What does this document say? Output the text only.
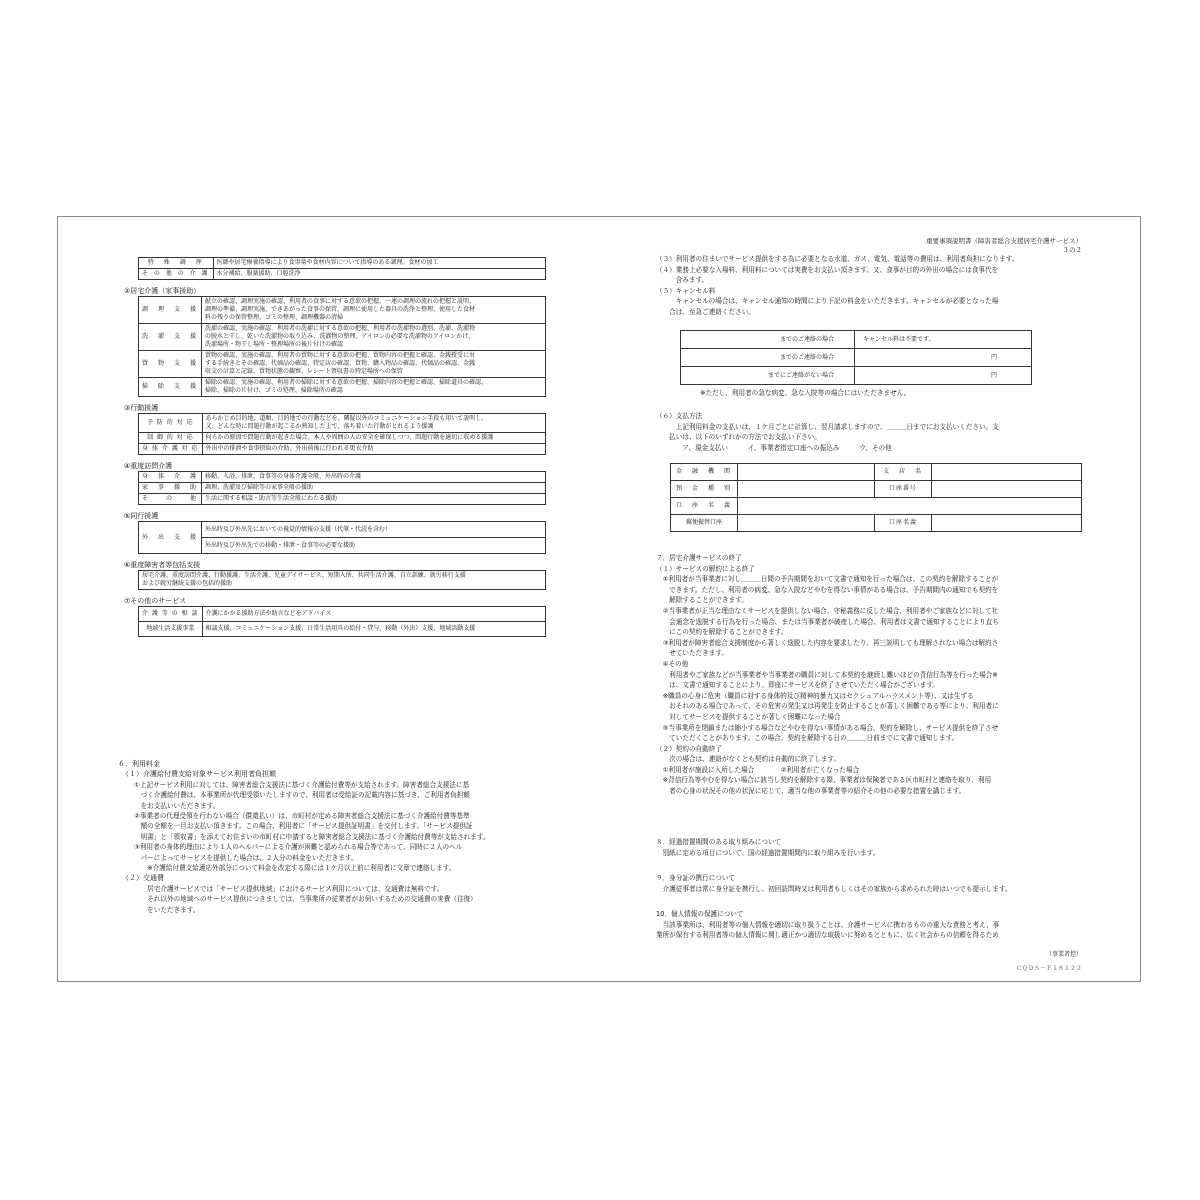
重要事項説明書（障害者総合支援居宅介護サービス）
３の２
特　殊　調　理	医師や居宅療養指導により食事量や食材内容について指導のある調理。食材の加工
そ の 他 の 介 護	水分補給、服薬援助、口腔洗浄
②居宅介護（家事援助）
調　理　支　援	献立の確認、調理実施の確認、利用者の食事に対する意欲の把握、一連の調理の流れの把握と説明、
調理の準備、調理実施、できあがった食事の保管、調理に使用した器具の洗浄と整理、使用した食材
料の残りの保管整理、ゴミの整理、調理機器の清掃

洗　濯　支　援	洗濯の確認、実施の確認、利用者の洗濯に対する意欲の把握、利用者の洗濯物の選別、洗濯、洗濯物
の脱水と干し、乾いた洗濯物の取り込み、洗濯物の整理、アイロンの必要な洗濯物のアイロンかけ、
洗濯場所・物干し場所・整理場所の後片付けの確認

買　物　支　援	買物の確認、実施の確認、利用者の買物に対する意欲の把握、買物内容の把握と確認、金銭授受に対
する手続きとその確認、代価品の確認、特定店の確認、買物、購入物品の確認、代価品の確認、金銭
収支の計算と記録、買物状態の観察、レシート領収書の特定場所への保管

掃　除　支　援	掃除の確認、実施の確認、利用者の掃除に対する意欲の把握、掃除内容の把握と確認、掃除道具の確認、
掃除、掃除の片付け、ゴミの処理、掃除場所の確認
③行動援護
予 防 的 対 応	あらかじめ目的地、道順、目的地での行動などを、隣疑以外のコミュニケーション手段も用いて説明し、
又、どんな時に問題行動が起こるか熟知した上で、落ち着いた行動がとれるよう援護

制 御 的 対 応	何らかの原因で問題行動が起きた場合、本人や周囲の人の安全を確保しつつ、問題行動を適切に収める援護
身 体 介 護 対 応	外出中の排泄や食事摂取の介助、外出前後に行われる更衣介助
④重度訪問介護
身　体　介　護	移動、入浴、排泄、食事等の身体介護全般、外出時の介護
家　事　援　助	調理、洗濯及び掃除等の家事全般の援助
そ　　の　　他	生活に関する相談・助言等生活全般にわたる援助
⑤同行援護
外　出　支　援	外出時及び外出先においての視覚的情報の支援（代筆・代読を含む）
外出時及び外出先での移動・排泄・食事等の必要な援助
⑥重度障害者等包括支援
居宅介護、重度訪問介護、行動援護、生活介護、児童デイサービス、短期入所、共同生活介護、自立訓練、就労移行支援
および就労継続支援の包括的援助
⑦その他のサービス
介 護 等 の 相 談	介護にかかる援助方法や助言などをアドバイス
地域生活支援事業	相談支援、コミュニケーション支援、日常生活用具の給付・貸与、移動（外出）支援、地域活動支援
６．利用料金
（１）介護給付費支給対象サービス利用者負担額
①上記サービス利用に対しては、障害者総合支援法に基づく介護給付費等が支給されます。障害者総合支援法に基
　づく介護給付費は、本事業所が代理受領いたしますので、利用者は受給証の記載内容に基づき、ご利用者負担額
　をお支払いいただきます。
②事業者の代理受領を行わない場合（償還払い）は、市町村が定める障害者総合支援法に基づく介護給付費等基準
　額の全額を一旦お支払い頂きます。この場合、利用者に「サービス提供証明書」を交付します。「サービス提供証
　明書」と「領収書」を添えてお住まいの市町村に申請すると障害者総合支援法に基づく介護給付費等が支給されます。
③利用者の身体的理由により１人のヘルパーによる介護が困難と認められる場合等であって、同時に２人のヘル
　パーによってサービスを提供した場合は、２人分の料金をいただきます。
　　※介護給付費支給適応外部分について料金を改定する際には１ケ月以上前に利用者に文章で連絡します。
（２）交通費
　　居宅介護サービスでは「サービス提供地域」におけるサービス利用については、交通費は無料です。
　　それ以外の地域へのサービス提供につきましては、当事業所の従業者がお伺いするための交通費の実費（往復）
　　をいただきます。
（３）利用者の住まいでサービス提供をする為に必要となる水道、ガス、電気、電話等の費用は、利用者負担になります。
（４）業務上必要な入場料、利用料については実費をお支払い頂きます。又、食事が目的の外出の場合には食事代を
　　　含みます。
（５）キャンセル料
　　　キャンセルの場合は、キャンセル通知の時間により下記の料金をいただきます。キャンセルが必要となった場
　　合は、至急ご連絡ください。
までのご連絡の場合	キャンセル料は不要です。
までのご連絡の場合	円
までにご連絡がない場合	円
※ただし、利用者の急な病変、急な入院等の場合にはいただきません。
（６）支払方法
　　　上記利用料金の支払いは、１ケ月ごとに計算し、翌月請求しますので、＿＿＿日までにお支払いください。支
　　払いは、以下のいずれかの方法でお支払い下さい。
　　　　ア、現金支払い　　　イ、事業者指定口座への振込み　　　ウ、その他
金　融　機　関		支　店　名	
預　金　種　別		口座番号	
口　座　名　義			
郵便振替口座		口座名義	
７．居宅介護サービスの終了
（１）サービスの解約による終了
　①利用者が当事業者に対し＿＿＿日間の予告期間をおいて文書で通知を行った場合は、この契約を解除することが
　　できます。ただし、利用者の病変、急な入院などやむを得ない事情がある場合は、予告期間内の通知でも契約を
　　解除することができます。
　②当事業者が正当な理由なくサービスを提供しない場合、守秘義務に反した場合、利用者やご家族などに対して社
　　会通念を逸脱する行為を行った場合、または当事業者が破産した場合、利用者は文書で通知することにより直ち
　　にこの契約を解除することができます。
　③利用者が障害者総合支援制度から著しく逸脱した内容を要求したり、再三説明しても理解されない場合は解約さ
　　せていただきます。
　④その他
　　利用者やご家族などが当事業者や当事業者の職員に対して本契約を継続し難いほどの背信行為等を行った場合※
　　は、文書で通知することにより、即座にサービスを終了させていただく場合がございます。
　※職員の心身に危害（職員に対する身体的及び精神的暴力又はセクシュアルハラスメント等）、又は生ずる
　　おそれのある場合であって、その危害の発生又は再発生を防止することが著しく困難である等により、利用者に
　　対してサービスを提供することが著しく困難になった場合
　⑤当事業所を閉鎖または縮小する場合などやむを得ない事情がある場合、契約を解除し、サービス提供を終了させ
　　ていただくことがあります。この場合、契約を解除する日の＿＿＿日前までに文書で通知します。
（２）契約の自動終了
　　次の場合は、連絡がなくとも契約は自動的に終了します。
　①利用者が施設に入所した場合　　　　②利用者が亡くなった場合
　※背信行為等やむを得ない場合に該当し契約を解除する際、事業者は保険者である区市町村と連絡を取り、利用
　　者の心身の状況その他の状況に応じて、適当な他の事業者等の紹介その他の必要な措置を講じます。
８．経過措置期間のある取り組みについて
　別紙に定める項目について、国の経過措置期間内に取り組みを行います。
９．身分証の携行について
　介護従事者は常に身分証を携行し、初回訪問時又は利用者もしくはその家族から求められた時はいつでも提示します。
10．個人情報の保護について
　当該事業所は、利用者等の個人情報を適切に取り扱うことは、介護サービスに携わるものの重大な責務と考え、事
業所が保有する利用者等の個人情報に関し適正かつ適切な取扱いに努めるとともに、広く社会からの信頼を得るため
（事業者控）
ＣＱＤＳ－Ｆ１８１２２
